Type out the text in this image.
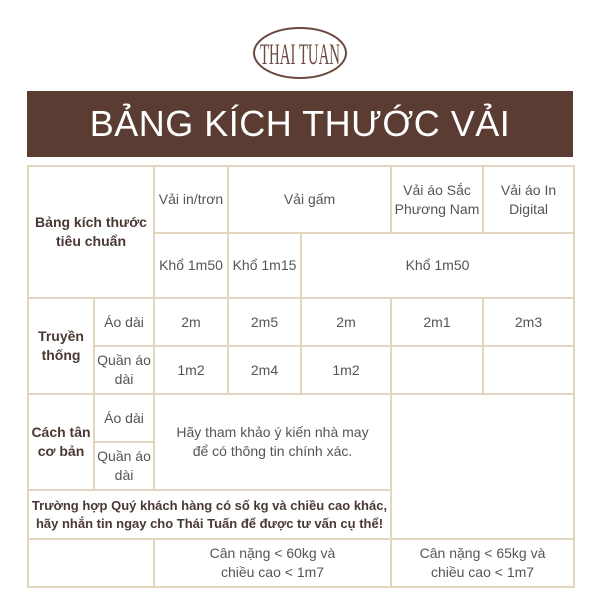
THAI TUAN
BẢNG KÍCH THƯỚC VẢI
Bảng kích thước tiêu chuẩn		Vải in/trơn	Vải gấm		Vải áo Sắc Phương Nam	Vải áo In Digital
		Khổ 1m50	Khổ 1m15	Khổ 1m50		
Truyền thống	Áo dài	2m	2m5	2m	2m1	2m3
	Quần áo dài	1m2	2m4	1m2		
Cách tân cơ bản	Áo dài	Hãy tham khảo ý kiến nhà may để có thông tin chính xác.				
	Quần áo dài					
Trường hợp Quý khách hàng có số kg và chiều cao khác, hãy nhắn tin ngay cho Thái Tuấn để được tư vấn cụ thể!						
		Cân nặng < 60kg và chiều cao < 1m7			Cân nặng < 65kg và chiều cao < 1m7	
